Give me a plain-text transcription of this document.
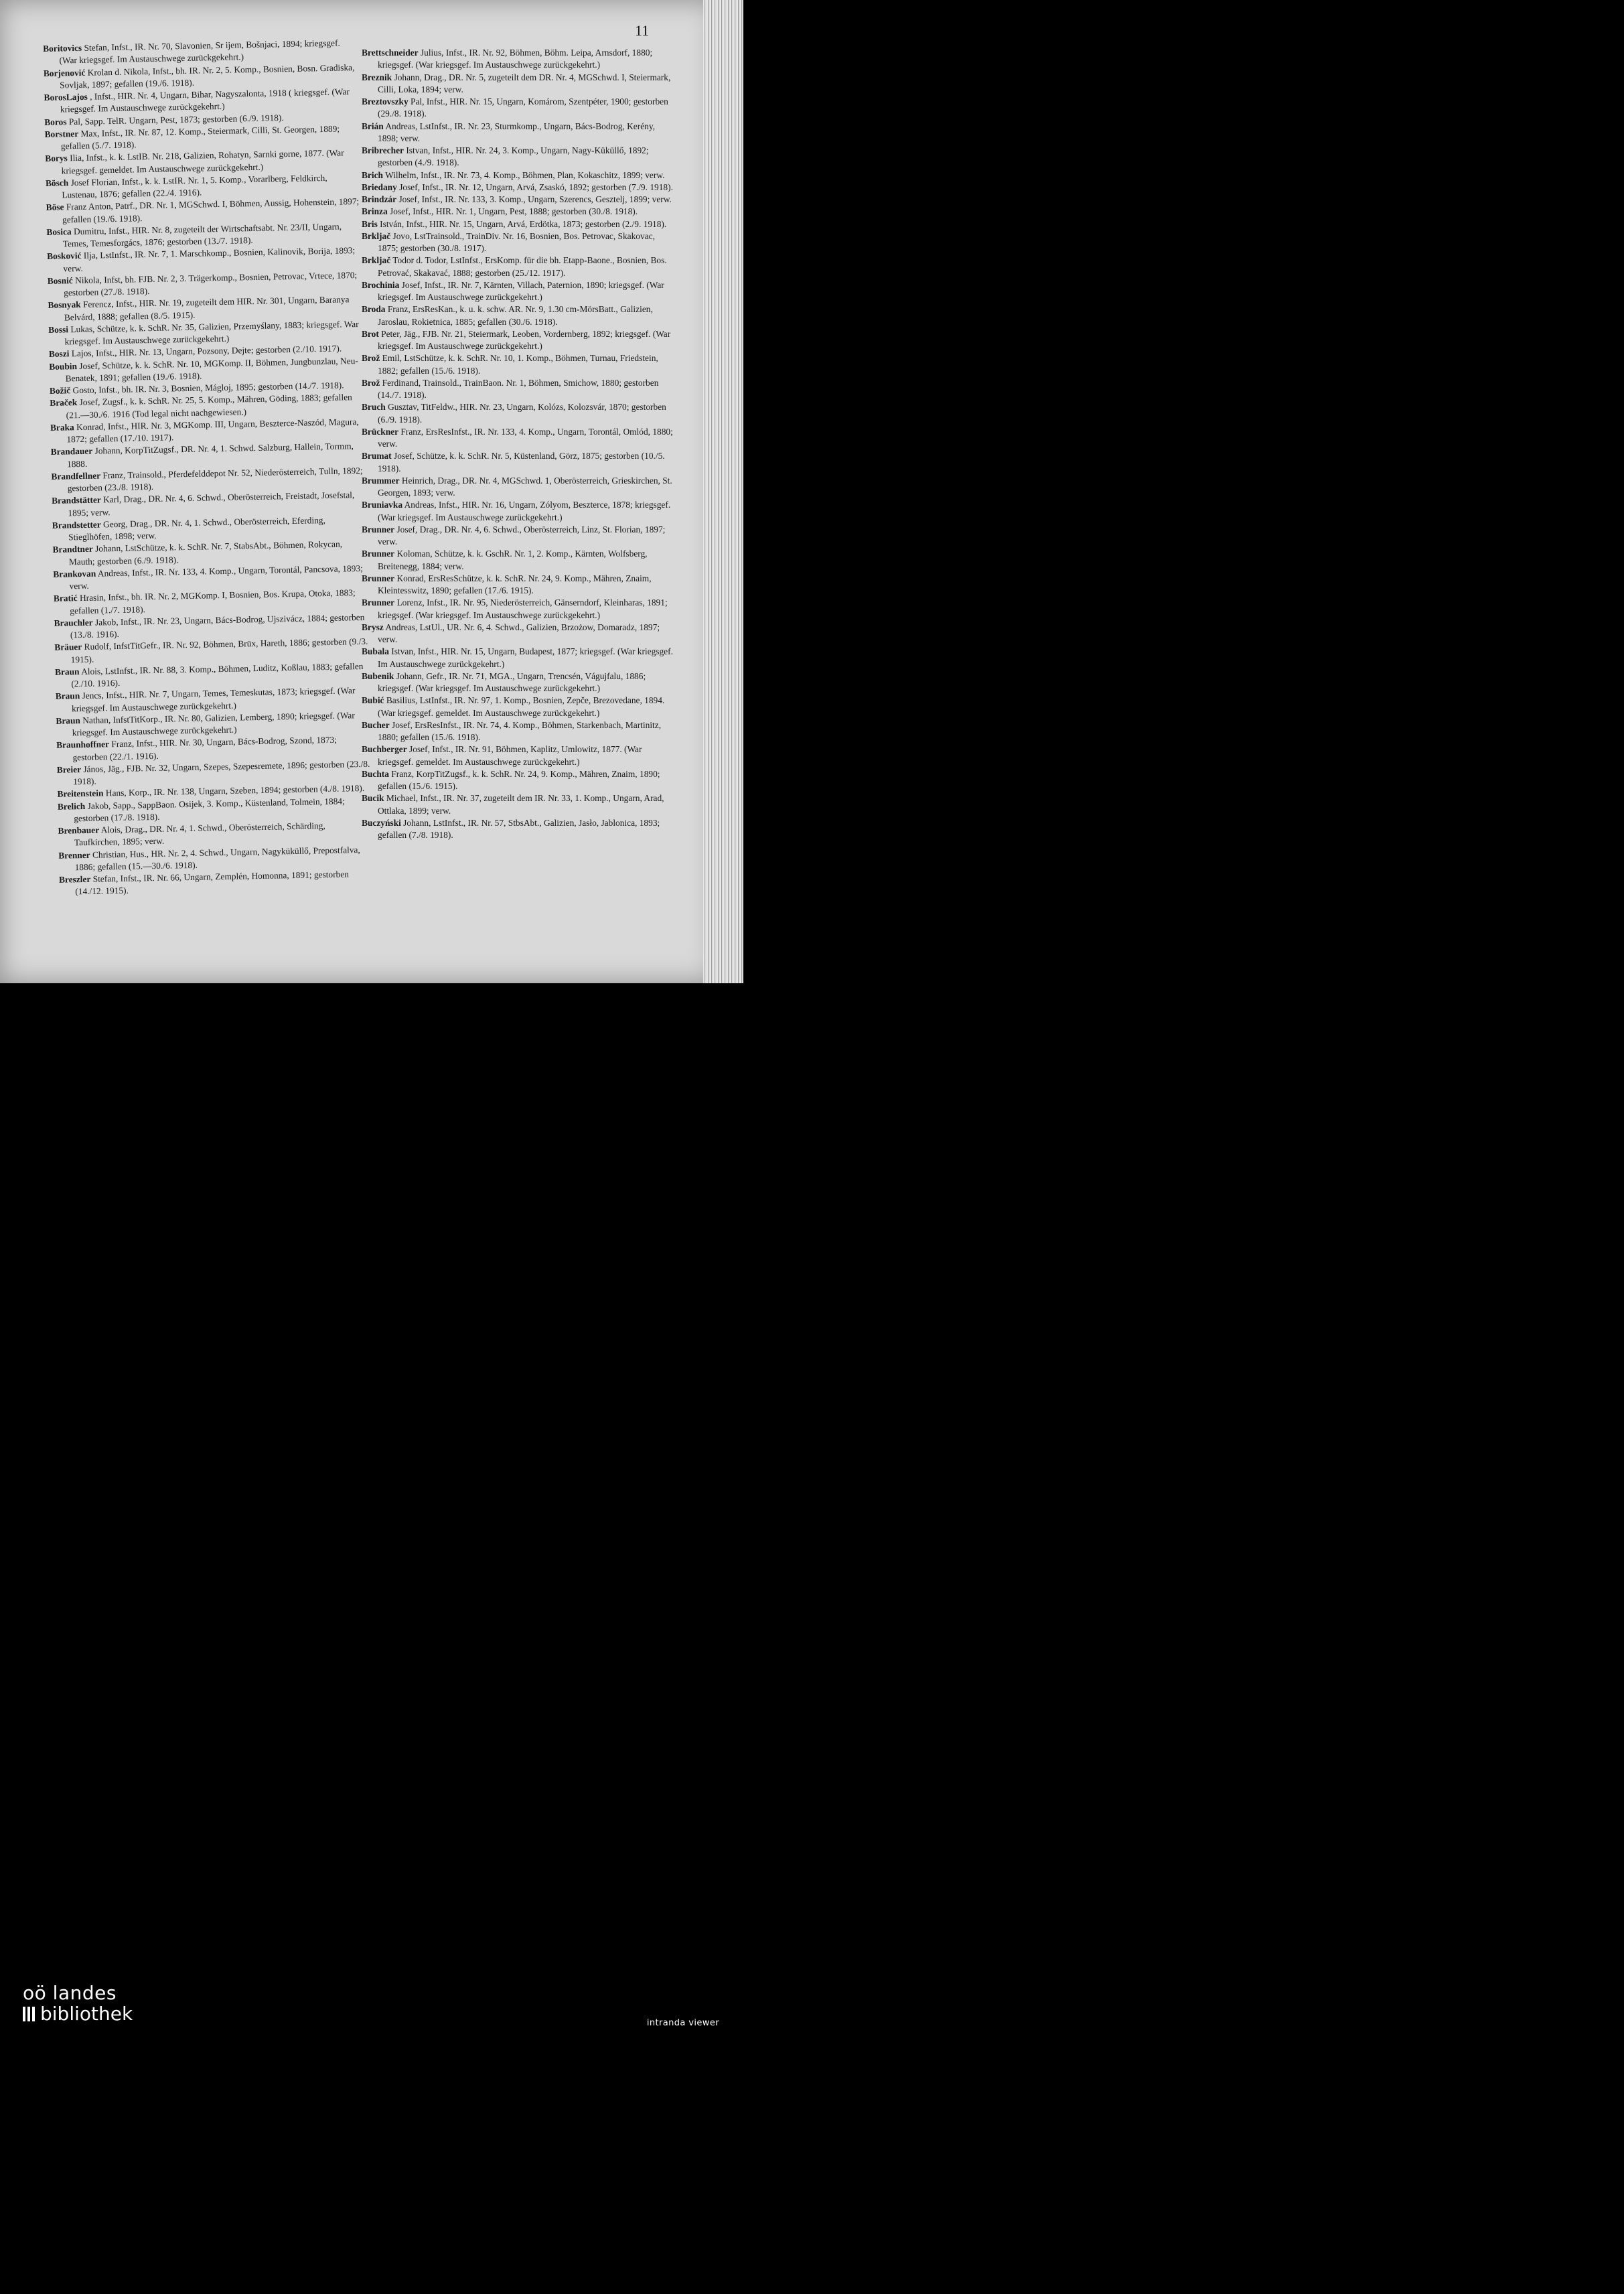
11

Boritovics Stefan, Infst., IR. Nr. 70, Slavonien, Sr ijem, Bošnjaci, 1894; kriegsgef. (War kriegsgef. Im Austauschwege zurückgekehrt.)

Borjenović Krolan d. Nikola, Infst., bh. IR. Nr. 2, 5. Komp., Bosnien, Bosn. Gradiska, Sovljak, 1897; gefallen (19./6. 1918).

BorosLajos , Infst., HIR. Nr. 4, Ungarn, Bihar, Nagyszalonta, 1918 ( kriegsgef. (War kriegsgef. Im Austauschwege zurückgekehrt.)

Boros Pal, Sapp. TelR. Ungarn, Pest, 1873; gestorben (6./9. 1918).

Borstner Max, Infst., IR. Nr. 87, 12. Komp., Steiermark, Cilli, St. Georgen, 1889; gefallen (5./7. 1918).

Borys Ilia, Infst., k. k. LstIB. Nr. 218, Galizien, Rohatyn, Sarnki gorne, 1877. (War kriegsgef. gemeldet. Im Austauschwege zurückgekehrt.)

Bösch Josef Florian, Infst., k. k. LstIR. Nr. 1, 5. Komp., Vorarlberg, Feldkirch, Lustenau, 1876; gefallen (22./4. 1916).

Böse Franz Anton, Patrf., DR. Nr. 1, MGSchwd. I, Böhmen, Aussig, Hohenstein, 1897; gefallen (19./6. 1918).

Bosica Dumitru, Infst., HIR. Nr. 8, zugeteilt der Wirtschaftsabt. Nr. 23/II, Ungarn, Temes, Temesforgács, 1876; gestorben (13./7. 1918).

Bosković Ilja, LstInfst., IR. Nr. 7, 1. Marschkomp., Bosnien, Kalinovik, Borija, 1893; verw.

Bosnić Nikola, Infst, bh. FJB. Nr. 2, 3. Trägerkomp., Bosnien, Petrovac, Vrtece, 1870; gestorben (27./8. 1918).

Bosnyak Ferencz, Infst., HIR. Nr. 19, zugeteilt dem HIR. Nr. 301, Ungarn, Baranya Belvárd, 1888; gefallen (8./5. 1915).

Bossi Lukas, Schütze, k. k. SchR. Nr. 35, Galizien, Przemyślany, 1883; kriegsgef. War kriegsgef. Im Austauschwege zurückgekehrt.)

Boszi Lajos, Infst., HIR. Nr. 13, Ungarn, Pozsony, Dejte; gestorben (2./10. 1917).

Boubin Josef, Schütze, k. k. SchR. Nr. 10, MGKomp. II, Böhmen, Jungbunzlau, Neu-Benatek, 1891; gefallen (19./6. 1918).

Božič Gosto, Infst., bh. IR. Nr. 3, Bosnien, Mágloj, 1895; gestorben (14./7. 1918).

Braček Josef, Zugsf., k. k. SchR. Nr. 25, 5. Komp., Mähren, Göding, 1883; gefallen (21.—30./6. 1916 (Tod legal nicht nachgewiesen.)

Braka Konrad, Infst., HIR. Nr. 3, MGKomp. III, Ungarn, Beszterce-Naszód, Magura, 1872; gefallen (17./10. 1917).

Brandauer Johann, KorpTitZugsf., DR. Nr. 4, 1. Schwd. Salzburg, Hallein, Tormm, 1888.

Brandfellner Franz, Trainsold., Pferdefelddepot Nr. 52, Niederösterreich, Tulln, 1892; gestorben (23./8. 1918).

Brandstätter Karl, Drag., DR. Nr. 4, 6. Schwd., Oberösterreich, Freistadt, Josefstal, 1895; verw.

Brandstetter Georg, Drag., DR. Nr. 4, 1. Schwd., Oberösterreich, Eferding, Stieglhöfen, 1898; verw.

Brandtner Johann, LstSchütze, k. k. SchR. Nr. 7, StabsAbt., Böhmen, Rokycan, Mauth; gestorben (6./9. 1918).

Brankovan Andreas, Infst., IR. Nr. 133, 4. Komp., Ungarn, Torontál, Pancsova, 1893; verw.

Bratić Hrasin, Infst., bh. IR. Nr. 2, MGKomp. I, Bosnien, Bos. Krupa, Otoka, 1883; gefallen (1./7. 1918).

Brauchler Jakob, Infst., IR. Nr. 23, Ungarn, Bács-Bodrog, Ujszivácz, 1884; gestorben (13./8. 1916).

Bräuer Rudolf, InfstTitGefr., IR. Nr. 92, Böhmen, Brüx, Hareth, 1886; gestorben (9./3. 1915).

Braun Alois, LstInfst., IR. Nr. 88, 3. Komp., Böhmen, Luditz, Koßlau, 1883; gefallen (2./10. 1916).

Braun Jencs, Infst., HIR. Nr. 7, Ungarn, Temes, Temeskutas, 1873; kriegsgef. (War kriegsgef. Im Austauschwege zurückgekehrt.)

Braun Nathan, InfstTitKorp., IR. Nr. 80, Galizien, Lemberg, 1890; kriegsgef. (War kriegsgef. Im Austauschwege zurückgekehrt.)

Braunhoffner Franz, Infst., HIR. Nr. 30, Ungarn, Bács-Bodrog, Szond, 1873; gestorben (22./1. 1916).

Breier János, Jäg., FJB. Nr. 32, Ungarn, Szepes, Szepesremete, 1896; gestorben (23./8. 1918).

Breitenstein Hans, Korp., IR. Nr. 138, Ungarn, Szeben, 1894; gestorben (4./8. 1918).

Brelich Jakob, Sapp., SappBaon. Osijek, 3. Komp., Küstenland, Tolmein, 1884; gestorben (17./8. 1918).

Brenbauer Alois, Drag., DR. Nr. 4, 1. Schwd., Oberösterreich, Schärding, Taufkirchen, 1895; verw.

Brenner Christian, Hus., HR. Nr. 2, 4. Schwd., Ungarn, Nagyküküllő, Prepostfalva, 1886; gefallen (15.—30./6. 1918).

Breszler Stefan, Infst., IR. Nr. 66, Ungarn, Zemplén, Homonna, 1891; gestorben (14./12. 1915).

Brettschneider Julius, Infst., IR. Nr. 92, Böhmen, Böhm. Leipa, Arnsdorf, 1880; kriegsgef. (War kriegsgef. Im Austauschwege zurückgekehrt.)

Breznik Johann, Drag., DR. Nr. 5, zugeteilt dem DR. Nr. 4, MGSchwd. I, Steiermark, Cilli, Loka, 1894; verw.

Breztovszky Pal, Infst., HIR. Nr. 15, Ungarn, Komárom, Szentpéter, 1900; gestorben (29./8. 1918).

Brián Andreas, LstInfst., IR. Nr. 23, Sturmkomp., Ungarn, Bács-Bodrog, Kerény, 1898; verw.

Bribrecher Istvan, Infst., HIR. Nr. 24, 3. Komp., Ungarn, Nagy-Küküllő, 1892; gestorben (4./9. 1918).

Brich Wilhelm, Infst., IR. Nr. 73, 4. Komp., Böhmen, Plan, Kokaschitz, 1899; verw.

Briedany Josef, Infst., IR. Nr. 12, Ungarn, Arvá, Zsaskó, 1892; gestorben (7./9. 1918).

Brindzár Josef, Infst., IR. Nr. 133, 3. Komp., Ungarn, Szerencs, Gesztelj, 1899; verw.

Brinza Josef, Infst., HIR. Nr. 1, Ungarn, Pest, 1888; gestorben (30./8. 1918).

Bris István, Infst., HIR. Nr. 15, Ungarn, Arvá, Erdötka, 1873; gestorben (2./9. 1918).

Brkljač Jovo, LstTrainsold., TrainDiv. Nr. 16, Bosnien, Bos. Petrovac, Skakovac, 1875; gestorben (30./8. 1917).

Brkljač Todor d. Todor, LstInfst., ErsKomp. für die bh. Etapp-Baone., Bosnien, Bos. Petrovać, Skakavać, 1888; gestorben (25./12. 1917).

Brochinia Josef, Infst., IR. Nr. 7, Kärnten, Villach, Paternion, 1890; kriegsgef. (War kriegsgef. Im Austauschwege zurückgekehrt.)

Broda Franz, ErsResKan., k. u. k. schw. AR. Nr. 9, 1.30 cm-MörsBatt., Galizien, Jaroslau, Rokietnica, 1885; gefallen (30./6. 1918).

Brot Peter, Jäg., FJB. Nr. 21, Steiermark, Leoben, Vordernberg, 1892; kriegsgef. (War kriegsgef. Im Austauschwege zurückgekehrt.)

Brož Emil, LstSchütze, k. k. SchR. Nr. 10, 1. Komp., Böhmen, Turnau, Friedstein, 1882; gefallen (15./6. 1918).

Brož Ferdinand, Trainsold., TrainBaon. Nr. 1, Böhmen, Smichow, 1880; gestorben (14./7. 1918).

Bruch Gusztav, TitFeldw., HIR. Nr. 23, Ungarn, Kolózs, Kolozsvár, 1870; gestorben (6./9. 1918).

Brückner Franz, ErsResInfst., IR. Nr. 133, 4. Komp., Ungarn, Torontál, Omlód, 1880; verw.

Brumat Josef, Schütze, k. k. SchR. Nr. 5, Küstenland, Görz, 1875; gestorben (10./5. 1918).

Brummer Heinrich, Drag., DR. Nr. 4, MGSchwd. 1, Oberösterreich, Grieskirchen, St. Georgen, 1893; verw.

Bruniavka Andreas, Infst., HIR. Nr. 16, Ungarn, Zólyom, Beszterce, 1878; kriegsgef. (War kriegsgef. Im Austauschwege zurückgekehrt.)

Brunner Josef, Drag., DR. Nr. 4, 6. Schwd., Oberösterreich, Linz, St. Florian, 1897; verw.

Brunner Koloman, Schütze, k. k. GschR. Nr. 1, 2. Komp., Kärnten, Wolfsberg, Breitenegg, 1884; verw.

Brunner Konrad, ErsResSchütze, k. k. SchR. Nr. 24, 9. Komp., Mähren, Znaim, Kleintesswitz, 1890; gefallen (17./6. 1915).

Brunner Lorenz, Infst., IR. Nr. 95, Niederösterreich, Gänserndorf, Kleinharas, 1891; kriegsgef. (War kriegsgef. Im Austauschwege zurückgekehrt.)

Brysz Andreas, LstUl., UR. Nr. 6, 4. Schwd., Galizien, Brzożow, Domaradz, 1897; verw.

Bubala Istvan, Infst., HIR. Nr. 15, Ungarn, Budapest, 1877; kriegsgef. (War kriegsgef. Im Austauschwege zurückgekehrt.)

Bubenik Johann, Gefr., IR. Nr. 71, MGA., Ungarn, Trencsén, Vágujfalu, 1886; kriegsgef. (War kriegsgef. Im Austauschwege zurückgekehrt.)

Bubić Basilius, LstInfst., IR. Nr. 97, 1. Komp., Bosnien, Zepče, Brezovedane, 1894. (War kriegsgef. gemeldet. Im Austauschwege zurückgekehrt.)

Bucher Josef, ErsResInfst., IR. Nr. 74, 4. Komp., Böhmen, Starkenbach, Martinitz, 1880; gefallen (15./6. 1918).

Buchberger Josef, Infst., IR. Nr. 91, Böhmen, Kaplitz, Umlowitz, 1877. (War kriegsgef. gemeldet. Im Austauschwege zurückgekehrt.)

Buchta Franz, KorpTitZugsf., k. k. SchR. Nr. 24, 9. Komp., Mähren, Znaim, 1890; gefallen (15./6. 1915).

Bucik Michael, Infst., IR. Nr. 37, zugeteilt dem IR. Nr. 33, 1. Komp., Ungarn, Arad, Ottlaka, 1899; verw.

Buczyński Johann, LstInfst., IR. Nr. 57, StbsAbt., Galizien, Jasło, Jablonica, 1893; gefallen (7./8. 1918).

oö landes
bibliothek	intranda viewer
